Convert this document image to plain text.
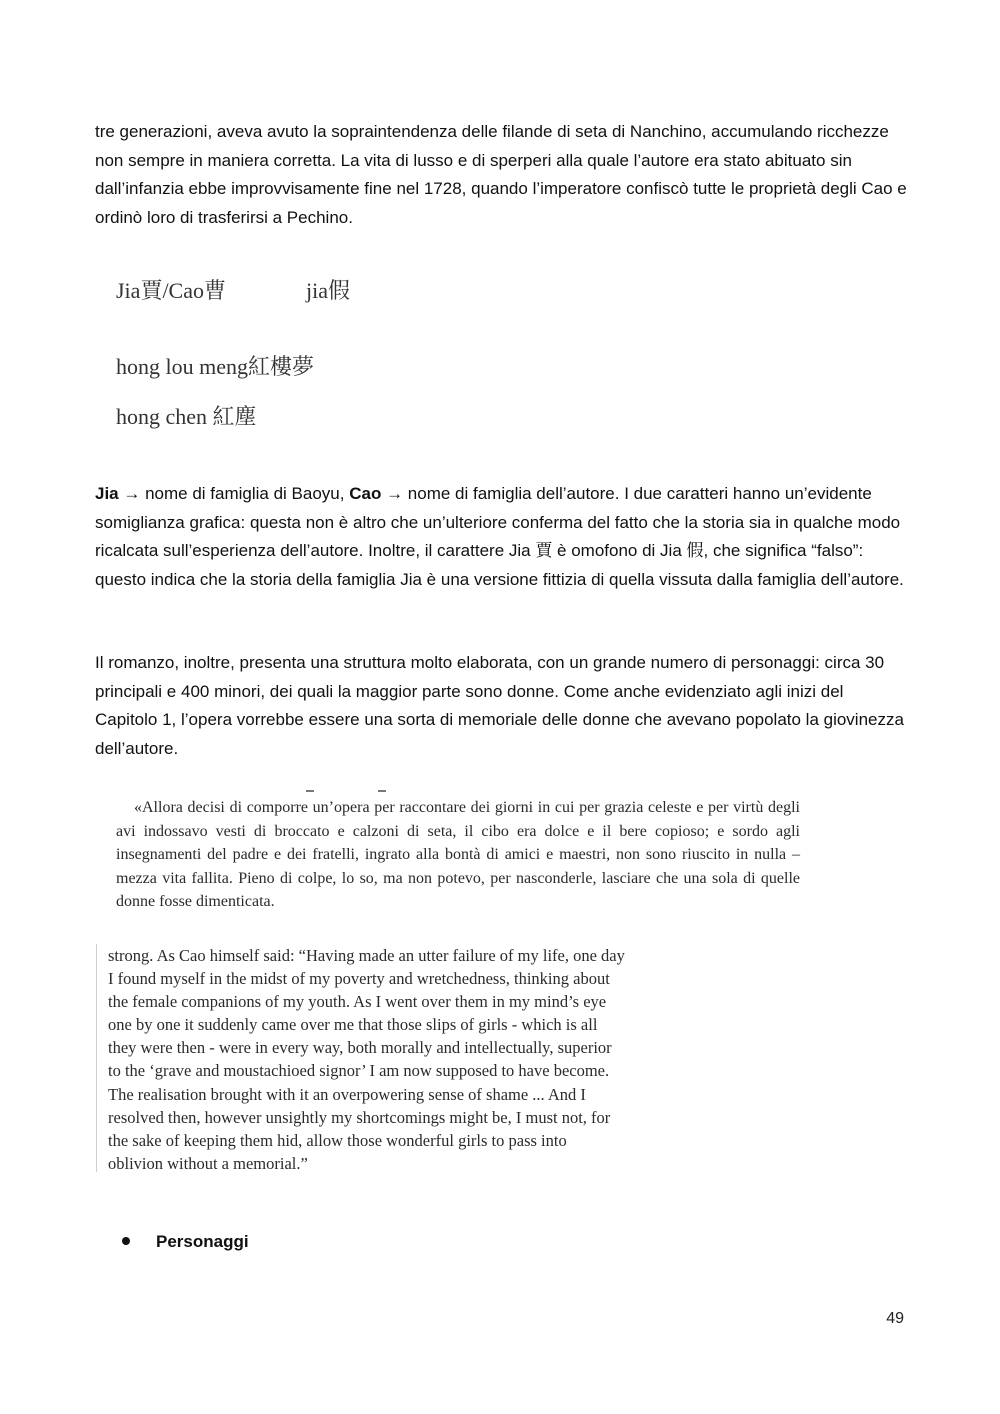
tre generazioni, aveva avuto la sopraintendenza delle filande di seta di Nanchino, accumulando ricchezze non sempre in maniera corretta. La vita di lusso e di sperperi alla quale l’autore era stato abituato sin dall’infanzia ebbe improvvisamente fine nel 1728, quando l’imperatore confiscò tutte le proprietà degli Cao e ordinò loro di trasferirsi a Pechino.

Jia賈/Cao曹	jia假
hong lou meng紅樓夢
hong chen 紅塵

Jia → nome di famiglia di Baoyu, Cao → nome di famiglia dell’autore. I due caratteri hanno un’evidente somiglianza grafica: questa non è altro che un’ulteriore conferma del fatto che la storia sia in qualche modo ricalcata sull’esperienza dell’autore. Inoltre, il carattere Jia 賈 è omofono di Jia 假, che significa “falso”: questo indica che la storia della famiglia Jia è una versione fittizia di quella vissuta dalla famiglia dell’autore.

Il romanzo, inoltre, presenta una struttura molto elaborata, con un grande numero di personaggi: circa 30 principali e 400 minori, dei quali la maggior parte sono donne. Come anche evidenziato agli inizi del Capitolo 1, l’opera vorrebbe essere una sorta di memoriale delle donne che avevano popolato la giovinezza dell’autore.

«Allora decisi di comporre un’opera per raccontare dei giorni in cui per grazia celeste e per virtù degli avi indossavo vesti di broccato e calzoni di seta, il cibo era dolce e il bere copioso; e sordo agli insegnamenti del padre e dei fratelli, ingrato alla bontà di amici e maestri, non sono riuscito in nulla – mezza vita fallita. Pieno di colpe, lo so, ma non potevo, per nasconderle, lasciare che una sola di quelle donne fosse dimenticata.

strong. As Cao himself said: “Having made an utter failure of my life, one day

I found myself in the midst of my poverty and wretchedness, thinking about

the female companions of my youth. As I went over them in my mind’s eye

one by one it suddenly came over me that those slips of girls - which is all

they were then - were in every way, both morally and intellectually, superior

to the ‘grave and moustachioed signor’ I am now supposed to have become.

The realisation brought with it an overpowering sense of shame ... And I

resolved then, however unsightly my shortcomings might be, I must not, for

the sake of keeping them hid, allow those wonderful girls to pass into

oblivion without a memorial.”

Personaggi
49
